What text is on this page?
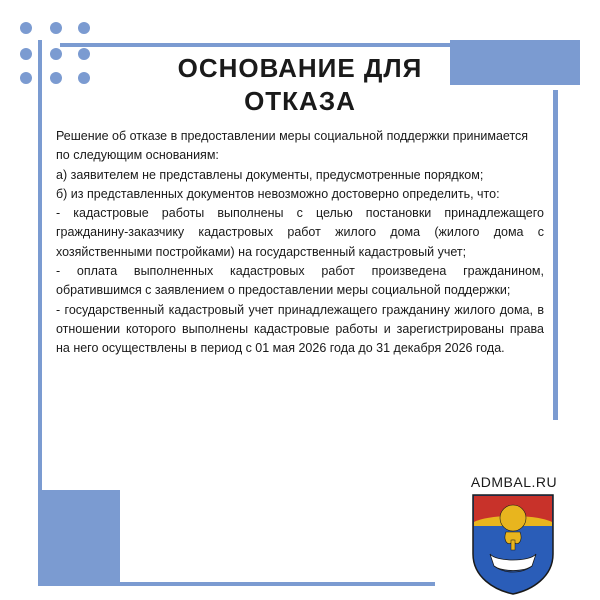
ОСНОВАНИЕ ДЛЯ ОТКАЗА

Решение об отказе в предоставлении меры социальной поддержки принимается по следующим основаниям:

а) заявителем не представлены документы, предусмотренные порядком;

б) из представленных документов невозможно достоверно определить, что:

- кадастровые работы выполнены с целью постановки принадлежащего гражданину-заказчику кадастровых работ жилого дома (жилого дома с хозяйственными постройками) на государственный кадастровый учет;

- оплата выполненных кадастровых работ произведена гражданином, обратившимся с заявлением о предоставлении меры социальной поддержки;

- государственный кадастровый учет принадлежащего гражданину жилого дома, в отношении которого выполнены кадастровые работы и зарегистрированы права на него осуществлены в период с 01 мая 2026 года до 31 декабря 2026 года.

ADMBAL.RU
